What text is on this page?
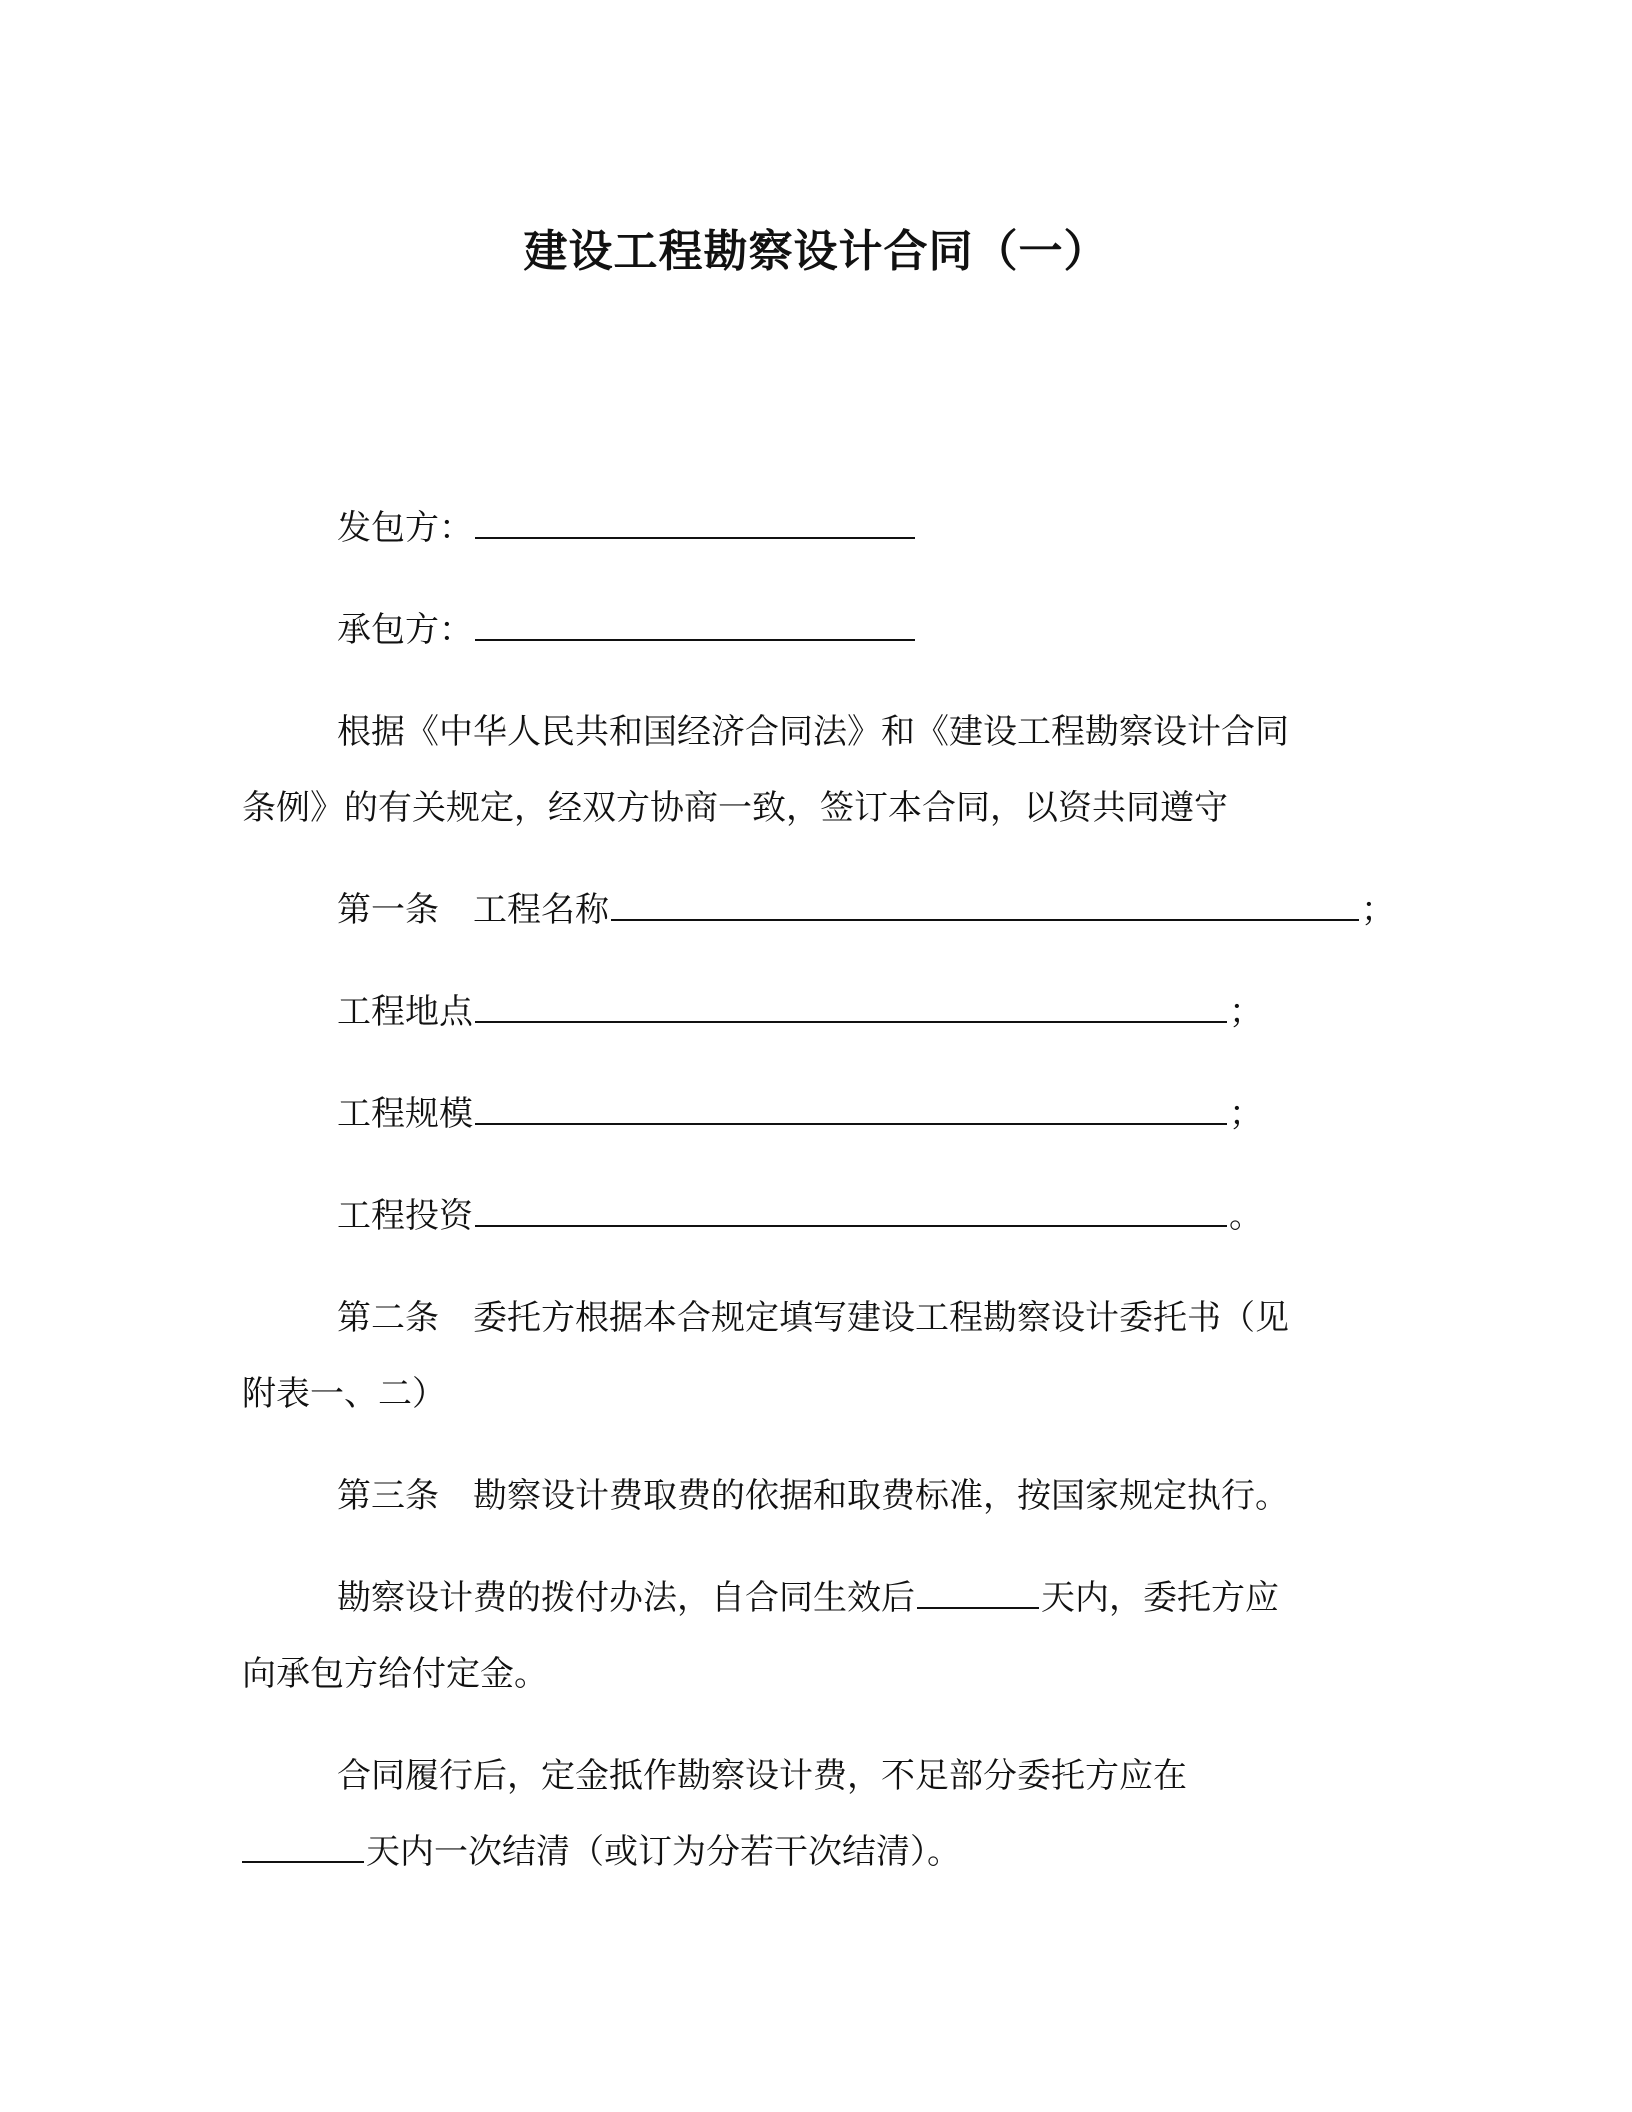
建设工程勘察设计合同（一）
发包方：
承包方：
根据《中华人民共和国经济合同法》和《建设工程勘察设计合同
条例》的有关规定，经双方协商一致，签订本合同，以资共同遵守
第一条　工程名称	；
工程地点	；
工程规模	；
工程投资	。
第二条　委托方根据本合规定填写建设工程勘察设计委托书（见
附表一、二）
第三条　勘察设计费取费的依据和取费标准，按国家规定执行。
勘察设计费的拨付办法，自合同生效后	天内，委托方应
向承包方给付定金。
合同履行后，定金抵作勘察设计费，不足部分委托方应在
天内一次结清（或订为分若干次结清）。
